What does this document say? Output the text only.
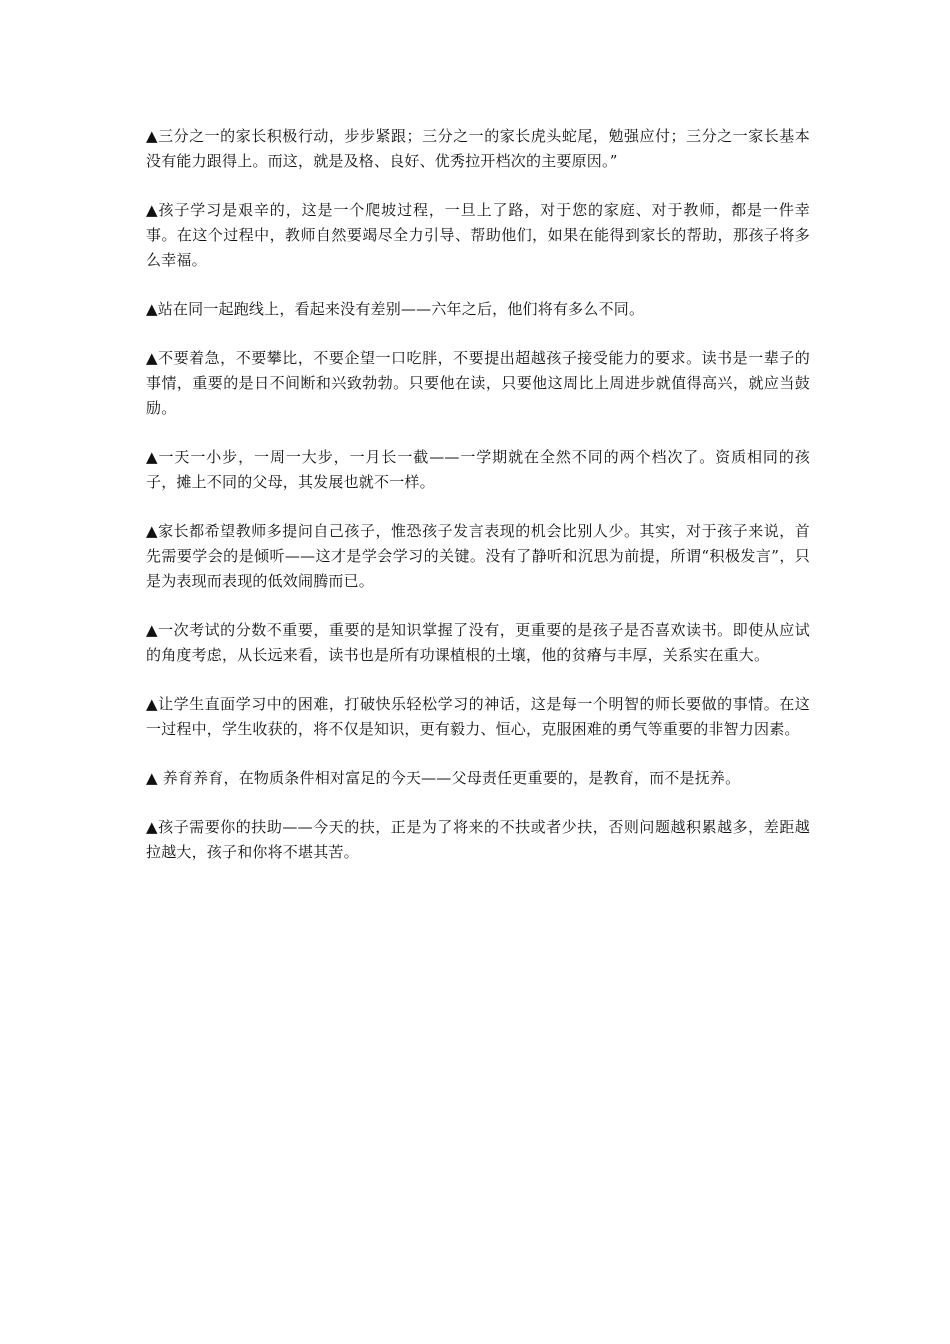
▲三分之一的家长积极行动，步步紧跟；三分之一的家长虎头蛇尾，勉强应付；三分之一家长基本没有能力跟得上。而这，就是及格、良好、优秀拉开档次的主要原因。”

▲孩子学习是艰辛的，这是一个爬坡过程，一旦上了路，对于您的家庭、对于教师，都是一件幸事。在这个过程中，教师自然要竭尽全力引导、帮助他们，如果在能得到家长的帮助，那孩子将多么幸福。

▲站在同一起跑线上，看起来没有差别——六年之后，他们将有多么不同。

▲不要着急，不要攀比，不要企望一口吃胖，不要提出超越孩子接受能力的要求。读书是一辈子的事情，重要的是日不间断和兴致勃勃。只要他在读，只要他这周比上周进步就值得高兴，就应当鼓励。

▲一天一小步，一周一大步，一月长一截——一学期就在全然不同的两个档次了。资质相同的孩子，摊上不同的父母，其发展也就不一样。

▲家长都希望教师多提问自己孩子，惟恐孩子发言表现的机会比别人少。其实，对于孩子来说，首先需要学会的是倾听——这才是学会学习的关键。没有了静听和沉思为前提，所谓“积极发言”，只是为表现而表现的低效闹腾而已。

▲一次考试的分数不重要，重要的是知识掌握了没有，更重要的是孩子是否喜欢读书。即使从应试的角度考虑，从长远来看，读书也是所有功课植根的土壤，他的贫瘠与丰厚，关系实在重大。

▲让学生直面学习中的困难，打破快乐轻松学习的神话，这是每一个明智的师长要做的事情。在这一过程中，学生收获的，将不仅是知识，更有毅力、恒心，克服困难的勇气等重要的非智力因素。

▲ 养育养育，在物质条件相对富足的今天——父母责任更重要的，是教育，而不是抚养。

▲孩子需要你的扶助——今天的扶，正是为了将来的不扶或者少扶，否则问题越积累越多，差距越拉越大，孩子和你将不堪其苦。
